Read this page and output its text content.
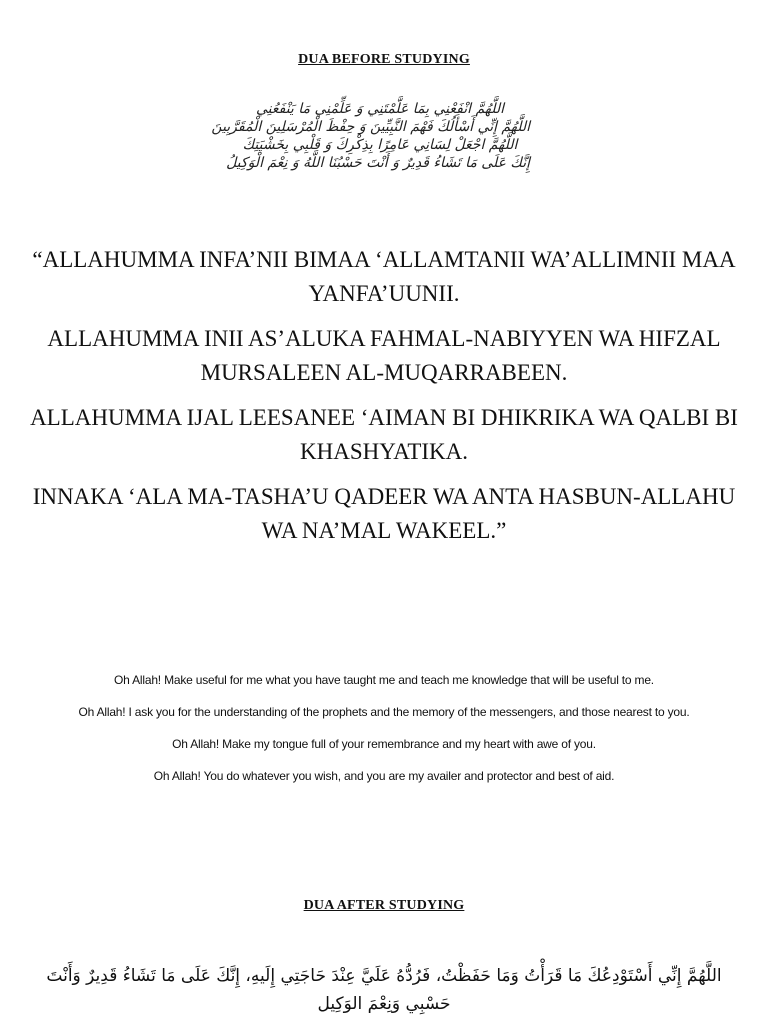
DUA BEFORE STUDYING
اللَّهُمَّ انْفَعْنِي بِمَا عَلَّمْتَنِي وَ عَلِّمْنِي مَا يَنْفَعُنِي
اللَّهُمَّ إِنِّي أَسْأَلُكَ فَهْمَ النَّبِيِّينَ وَ حِفْظَ الْمُرْسَلِينَ الْمُقَرَّبِينَ
اللَّهُمَّ اجْعَلْ لِسَانِي عَامِرًا بِذِكْرِكَ وَ قَلْبِي بِخَشْيَتِكَ
إِنَّكَ عَلَى مَا تَشَاءُ قَدِيرٌ وَ أَنْتَ حَسْبُنَا اللَّهُ وَ نِعْمَ الْوَكِيلُ

“ALLAHUMMA INFA’NII BIMAA ‘ALLAMTANII WA’ALLIMNII MAA YANFA’UUNII.

ALLAHUMMA INII AS’ALUKA FAHMAL-NABIYYEN WA HIFZAL MURSALEEN AL-MUQARRABEEN.

ALLAHUMMA IJAL LEESANEE ‘AIMAN BI DHIKRIKA WA QALBI BI KHASHYATIKA.

INNAKA ‘ALA MA-TASHA’U QADEER WA ANTA HASBUN-ALLAHU WA NA’MAL WAKEEL.”

Oh Allah! Make useful for me what you have taught me and teach me knowledge that will be useful to me.

Oh Allah! I ask you for the understanding of the prophets and the memory of the messengers, and those nearest to you.

Oh Allah! Make my tongue full of your remembrance and my heart with awe of you.

Oh Allah! You do whatever you wish, and you are my availer and protector and best of aid.

DUA AFTER STUDYING
اللَّهُمَّ إِنِّي أَسْتَوْدِعُكَ مَا قَرَأْتُ وَمَا حَفَظْتُ، فَرُدُّهُ عَلَيَّ عِنْدَ حَاجَتِي إِلَيهِ، إِنَّكَ عَلَى مَا تَشَاءُ قَدِيرٌ وَأَنْتَ حَسْبِي وَنِعْمَ الوَكِيل
